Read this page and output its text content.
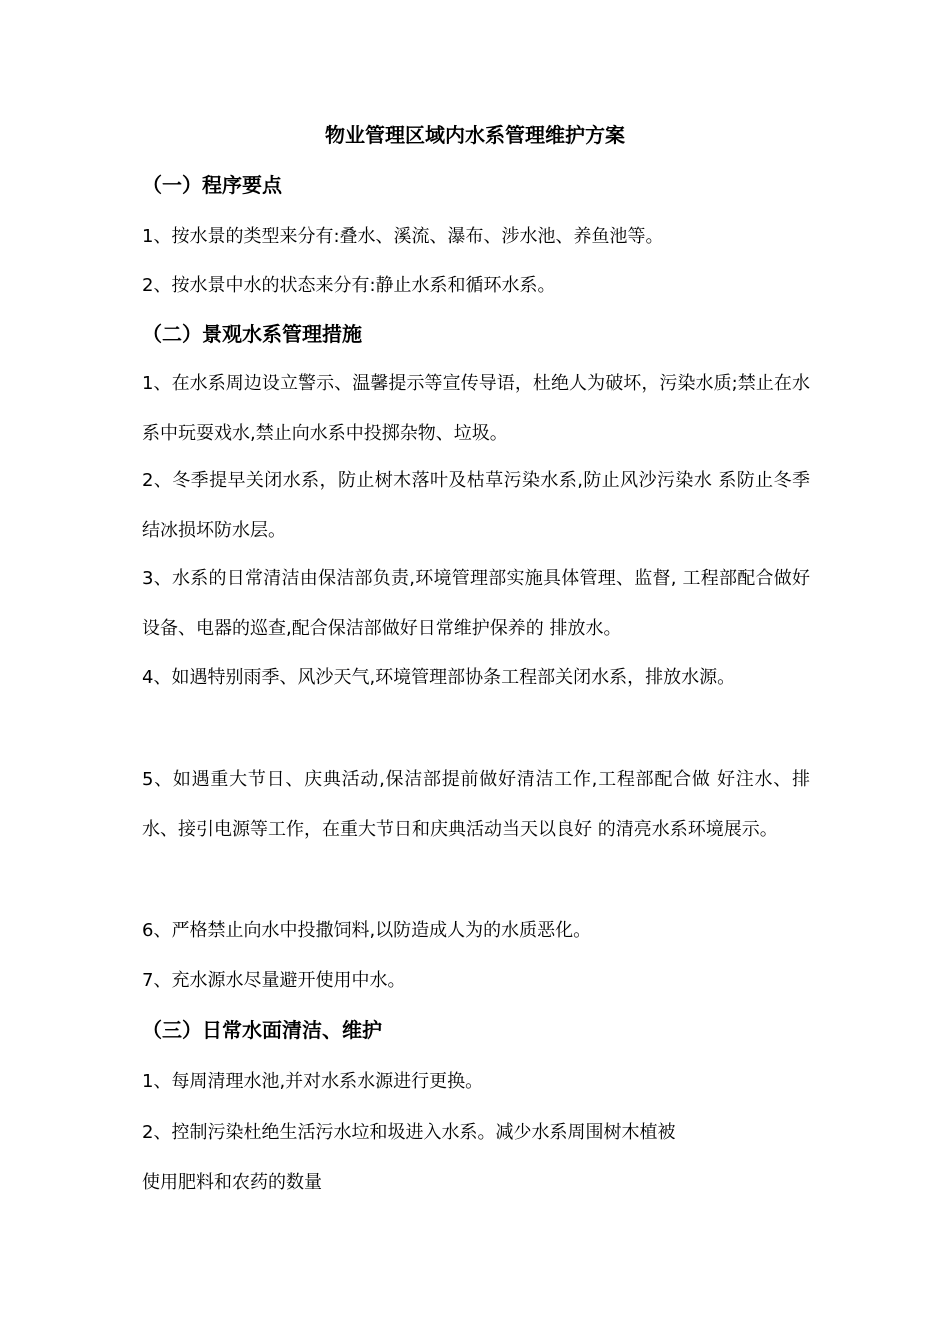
物业管理区域内水系管理维护方案
（一）程序要点
1、按水景的类型来分有:叠水、溪流、瀑布、涉水池、养鱼池等。
2、按水景中水的状态来分有:静止水系和循环水系。
（二）景观水系管理措施
1、在水系周边设立警示、温馨提示等宣传导语，杜绝人为破坏，污染水质;禁止在水系中玩耍戏水,禁止向水系中投掷杂物、垃圾。
2、冬季提早关闭水系，防止树木落叶及枯草污染水系,防止风沙污染水 系防止冬季结冰损坏防水层。
3、水系的日常清洁由保洁部负责,环境管理部实施具体管理、监督, 工程部配合做好设备、电器的巡查,配合保洁部做好日常维护保养的 排放水。
4、如遇特别雨季、风沙天气,环境管理部协条工程部关闭水系，排放水源。
5、如遇重大节日、庆典活动,保洁部提前做好清洁工作,工程部配合做 好注水、排水、接引电源等工作，在重大节日和庆典活动当天以良好 的清亮水系环境展示。
6、严格禁止向水中投撒饲料,以防造成人为的水质恶化。
7、充水源水尽量避开使用中水。
（三）日常水面清洁、维护
1、每周清理水池,并对水系水源进行更换。
2、控制污染杜绝生活污水垃和圾进入水系。减少水系周围树木植被
使用肥料和农药的数量
